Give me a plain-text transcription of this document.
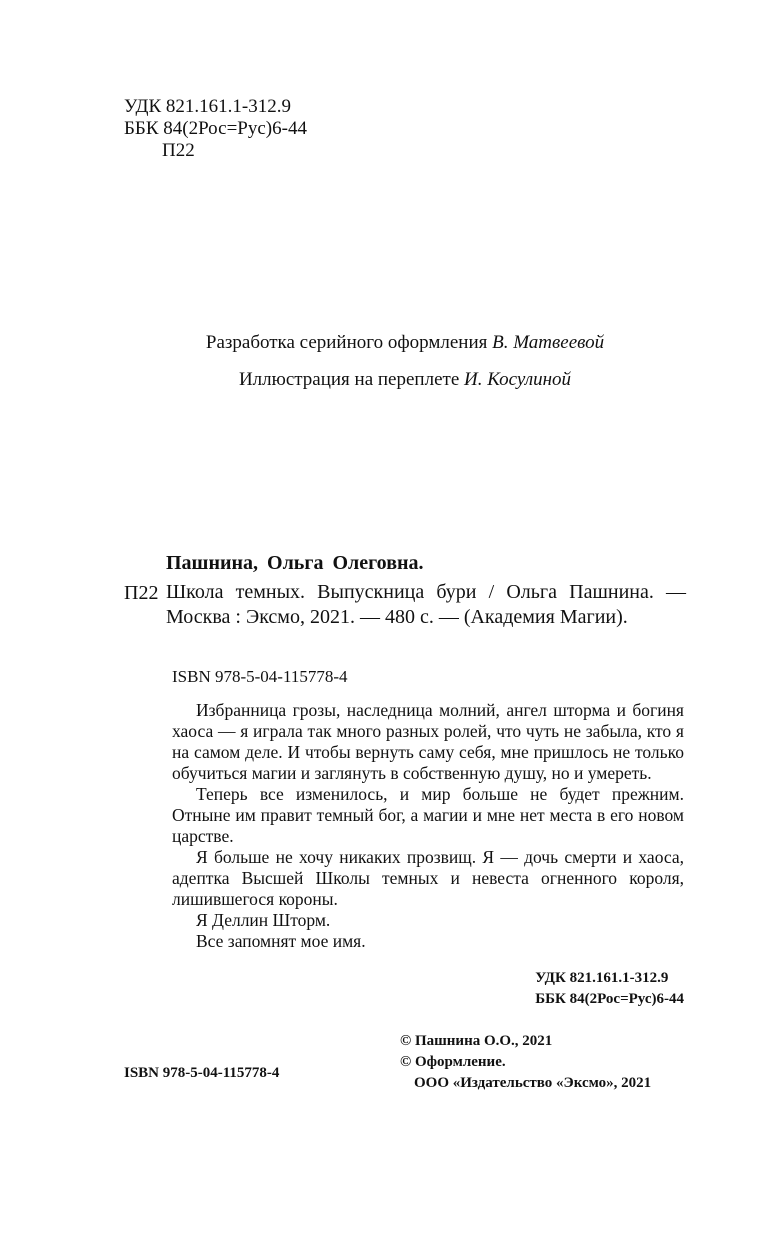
УДК 821.161.1-312.9
ББК 84(2Рос=Рус)6-44
П22
Разработка серийного оформления В. Матвеевой
Иллюстрация на переплете И. Косулиной
Пашнина, Ольга Олеговна.
П22 Школа темных. Выпускница бури / Ольга Пашнина. — Москва : Эксмо, 2021. — 480 с. — (Академия Магии).
ISBN 978-5-04-115778-4

Избранница грозы, наследница молний, ангел шторма и богиня хаоса — я играла так много разных ролей, что чуть не забыла, кто я на самом деле. И чтобы вернуть саму себя, мне пришлось не только обучиться магии и заглянуть в собственную душу, но и умереть.

Теперь все изменилось, и мир больше не будет прежним. Отныне им правит темный бог, а магии и мне нет места в его новом царстве.

Я больше не хочу никаких прозвищ. Я — дочь смерти и хаоса, адептка Высшей Школы темных и невеста огненного короля, лишившегося короны.

Я Деллин Шторм.

Все запомнят мое имя.

УДК 821.161.1-312.9
ББК 84(2Рос=Рус)6-44
© Пашнина О.О., 2021
© Оформление.
ООО «Издательство «Эксмо», 2021
ISBN 978-5-04-115778-4
